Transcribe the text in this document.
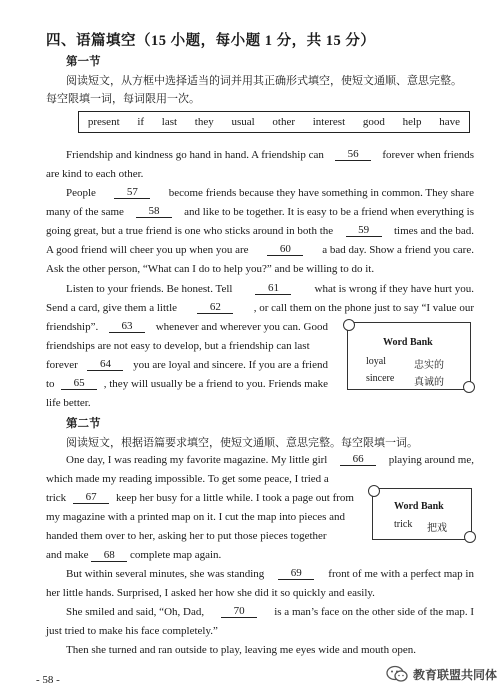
四、语篇填空（15 小题，每小题 1 分，共 15 分）
第一节
阅读短文，从方框中选择适当的词并用其正确形式填空，使短文通顺、意思完整。
每空限填一词，每词限用一次。
present if last they usual other interest good help have
Friendship and kindness go hand in hand. A friendship can	56	forever when friends
are kind to each other.
People	57	become friends because they have something in common. They share
many of the same	58	and like to be together. It is easy to be a friend when everything is
going great, but a true friend is one who sticks around in both the	59	times and the bad.
A good friend will cheer you up when you are	60	a bad day. Show a friend you care.
Ask the other person, “What can I do to help you?” and be willing to do it.
Listen to your friends. Be honest. Tell	61	what is wrong if they have hurt you.
Send a card, give them a little	62	, or call them on the phone just to say “I value our
friendship”.	63	whenever and wherever you can. Good
friendships are not easy to develop, but a friendship can last
forever	64	you are loyal and sincere. If you are a friend
to	65	, they will usually be a friend to you. Friends make
life better.
Word Bank
loyal	忠实的
sincere 真诚的
第二节
阅读短文，根据语篇要求填空，使短文通顺、意思完整。每空限填一词。
One day, I was reading my favorite magazine. My little girl	66	playing around me,
which made my reading impossible. To get some peace, I tried a
trick	67	keep her busy for a little while. I took a page out from
my magazine with a printed map on it. I cut the map into pieces and
handed them over to her, asking her to put those pieces together
and make 68 complete map again.
But within several minutes, she was standing	69	front of me with a perfect map in
her little hands. Surprised, I asked her how she did it so quickly and easily.
She smiled and said, “Oh, Dad,	70	is a man’s face on the other side of the map. I
just tried to make his face completely.”
Then she turned and ran outside to play, leaving me eyes wide and mouth open.
Word Bank
trick 把戏
- 58 -	教育联盟共同体
